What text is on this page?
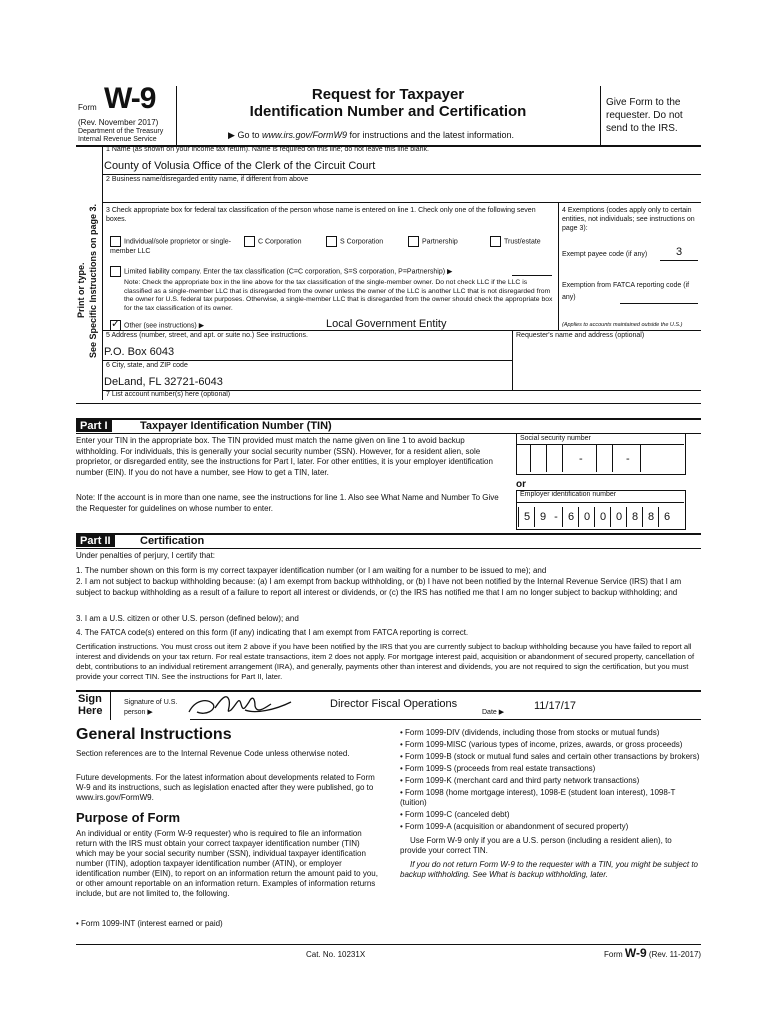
Form W-9
(Rev. November 2017)
Department of the Treasury
Internal Revenue Service
Request for Taxpayer
Identification Number and Certification
▶ Go to www.irs.gov/FormW9 for instructions and the latest information.
Give Form to the requester. Do not send to the IRS.
Print or type. See Specific Instructions on page 3.
1 Name (as shown on your income tax return). Name is required on this line; do not leave this line blank.
County of Volusia Office of the Clerk of the Circuit Court
2 Business name/disregarded entity name, if different from above
3 Check appropriate box for federal tax classification of the person whose name is entered on line 1. Check only one of the following seven boxes.
Individual/sole proprietor or single-member LLC
C Corporation	S Corporation	Partnership	Trust/estate
Limited liability company. Enter the tax classification (C=C corporation, S=S corporation, P=Partnership) ▶
Note: Check the appropriate box in the line above for the tax classification of the single-member owner. Do not check LLC if the LLC is classified as a single-member LLC that is disregarded from the owner unless the owner of the LLC is another LLC that is not disregarded from the owner for U.S. federal tax purposes. Otherwise, a single-member LLC that is disregarded from the owner should check the appropriate box for the tax classification of its owner.
✓Other (see instructions) ▶	Local Government Entity
4 Exemptions (codes apply only to certain entities, not individuals; see instructions on page 3):
Exempt payee code (if any)	3
Exemption from FATCA reporting code (if any)
(Applies to accounts maintained outside the U.S.)
5 Address (number, street, and apt. or suite no.) See instructions.
P.O. Box 6043
Requester's name and address (optional)
6 City, state, and ZIP code
DeLand, FL 32721-6043
7 List account number(s) here (optional)
Part I	Taxpayer Identification Number (TIN)
Enter your TIN in the appropriate box. The TIN provided must match the name given on line 1 to avoid backup withholding. For individuals, this is generally your social security number (SSN). However, for a resident alien, sole proprietor, or disregarded entity, see the instructions for Part I, later. For other entities, it is your employer identification number (EIN). If you do not have a number, see How to get a TIN, later.
Note: If the account is in more than one name, see the instructions for line 1. Also see What Name and Number To Give the Requester for guidelines on whose number to enter.
Social security number
-	-
or
Employer identification number
5 9 - 6 0 0 0 8 8 6
Part II	Certification
Under penalties of perjury, I certify that:
1. The number shown on this form is my correct taxpayer identification number (or I am waiting for a number to be issued to me); and
2. I am not subject to backup withholding because: (a) I am exempt from backup withholding, or (b) I have not been notified by the Internal Revenue Service (IRS) that I am subject to backup withholding as a result of a failure to report all interest or dividends, or (c) the IRS has notified me that I am no longer subject to backup withholding; and
3. I am a U.S. citizen or other U.S. person (defined below); and
4. The FATCA code(s) entered on this form (if any) indicating that I am exempt from FATCA reporting is correct.
Certification instructions. You must cross out item 2 above if you have been notified by the IRS that you are currently subject to backup withholding because you have failed to report all interest and dividends on your tax return. For real estate transactions, item 2 does not apply. For mortgage interest paid, acquisition or abandonment of secured property, cancellation of debt, contributions to an individual retirement arrangement (IRA), and generally, payments other than interest and dividends, you are not required to sign the certification, but you must provide your correct TIN. See the instructions for Part II, later.
Sign Here
Signature of U.S. person ▶
Director Fiscal Operations
Date ▶
11/17/17
General Instructions
Section references are to the Internal Revenue Code unless otherwise noted.
Future developments. For the latest information about developments related to Form W-9 and its instructions, such as legislation enacted after they were published, go to www.irs.gov/FormW9.
Purpose of Form
An individual or entity (Form W-9 requester) who is required to file an information return with the IRS must obtain your correct taxpayer identification number (TIN) which may be your social security number (SSN), individual taxpayer identification number (ITIN), adoption taxpayer identification number (ATIN), or employer identification number (EIN), to report on an information return the amount paid to you, or other amount reportable on an information return. Examples of information returns include, but are not limited to, the following.
• Form 1099-INT (interest earned or paid)
• Form 1099-DIV (dividends, including those from stocks or mutual funds)
• Form 1099-MISC (various types of income, prizes, awards, or gross proceeds)
• Form 1099-B (stock or mutual fund sales and certain other transactions by brokers)
• Form 1099-S (proceeds from real estate transactions)
• Form 1099-K (merchant card and third party network transactions)
• Form 1098 (home mortgage interest), 1098-E (student loan interest), 1098-T (tuition)
• Form 1099-C (canceled debt)
• Form 1099-A (acquisition or abandonment of secured property)

Use Form W-9 only if you are a U.S. person (including a resident alien), to provide your correct TIN.

If you do not return Form W-9 to the requester with a TIN, you might be subject to backup withholding. See What is backup withholding, later.

Cat. No. 10231X	Form W-9 (Rev. 11-2017)
